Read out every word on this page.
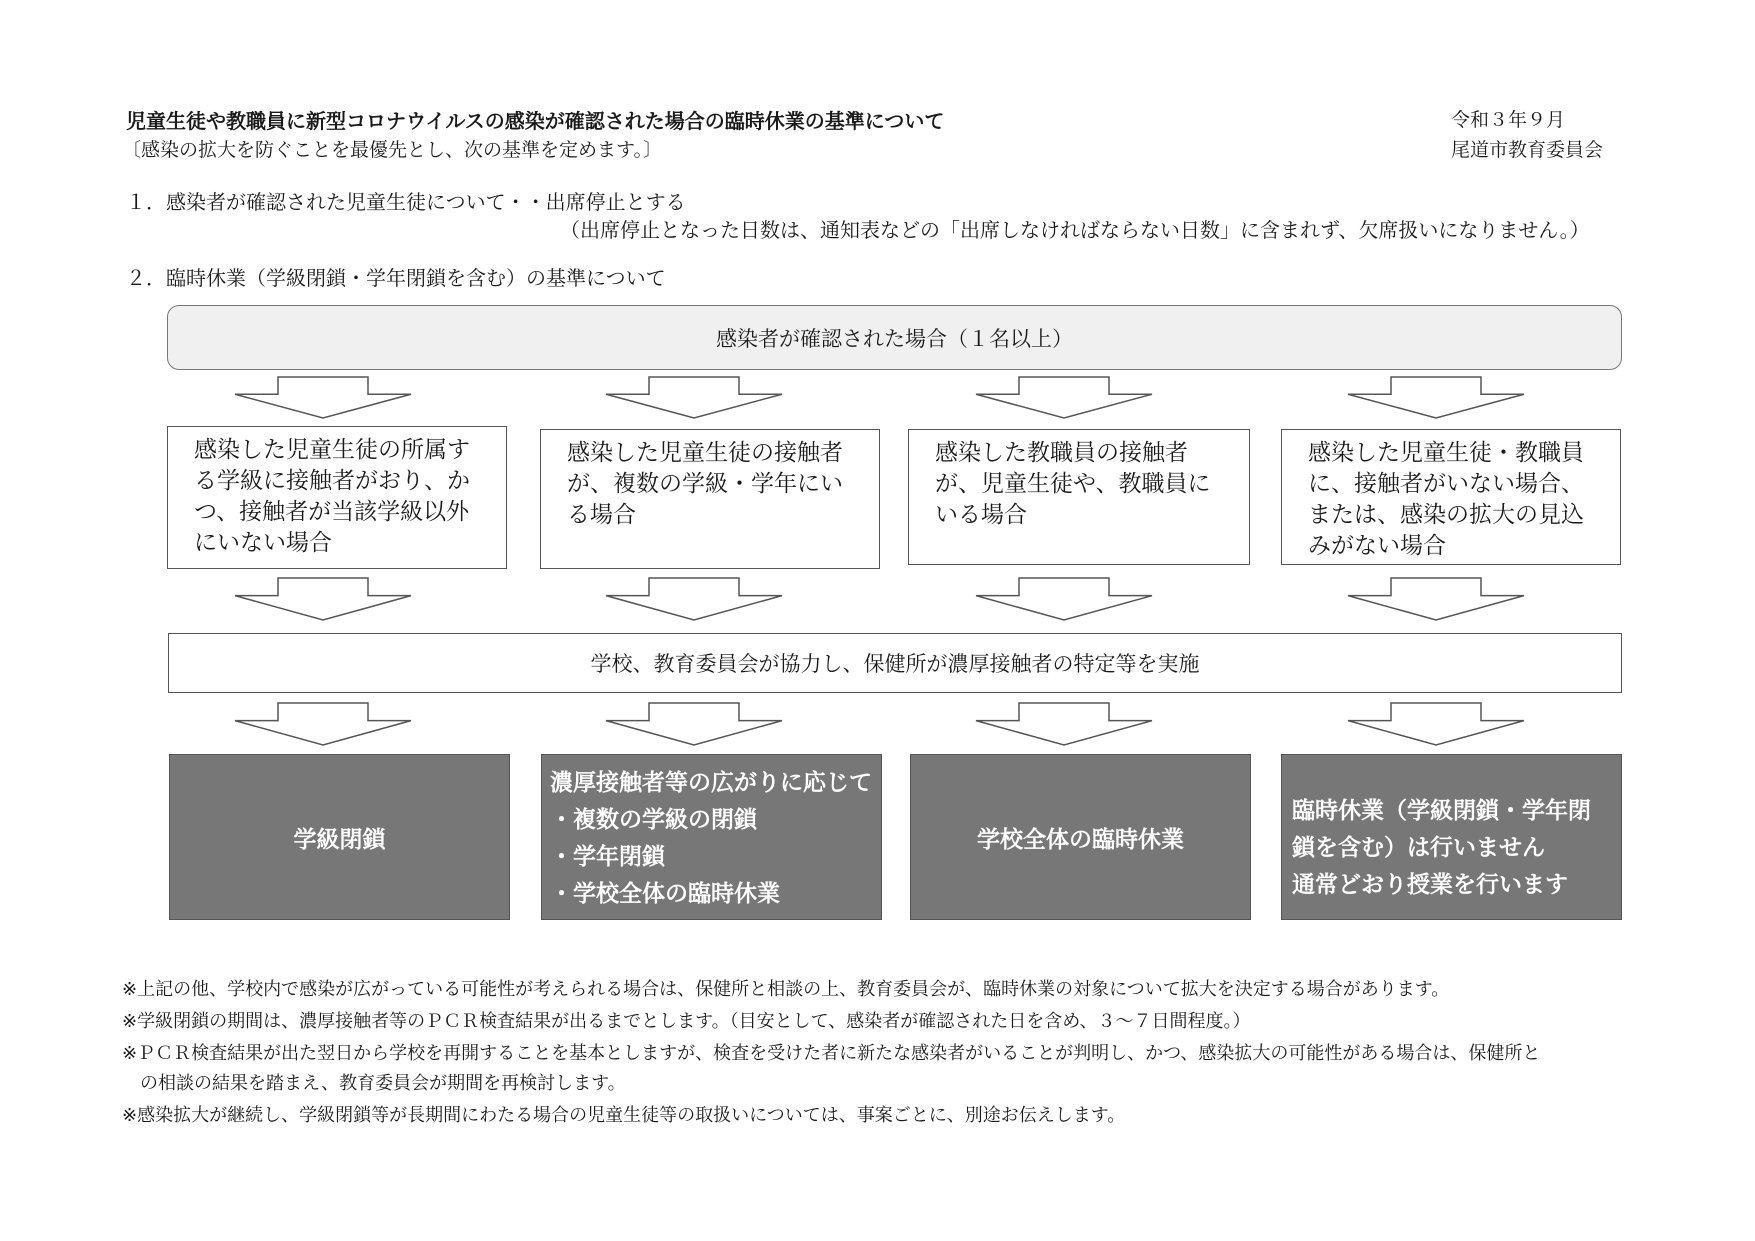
児童生徒や教職員に新型コロナウイルスの感染が確認された場合の臨時休業の基準について
〔感染の拡大を防ぐことを最優先とし、次の基準を定めます。〕
令和３年９月
尾道市教育委員会
１．感染者が確認された児童生徒について・・出席停止とする
（出席停止となった日数は、通知表などの「出席しなければならない日数」に含まれず、欠席扱いになりません。）
２．臨時休業（学級閉鎖・学年閉鎖を含む）の基準について
感染者が確認された場合（１名以上）
感染した児童生徒の所属する学級に接触者がおり、かつ、接触者が当該学級以外にいない場合
感染した児童生徒の接触者が、複数の学級・学年にいる場合
感染した教職員の接触者が、児童生徒や、教職員にいる場合
感染した児童生徒・教職員に、接触者がいない場合、または、感染の拡大の見込みがない場合
学校、教育委員会が協力し、保健所が濃厚接触者の特定等を実施
学級閉鎖
濃厚接触者等の広がりに応じて
・複数の学級の閉鎖
・学年閉鎖
・学校全体の臨時休業
学校全体の臨時休業
臨時休業（学級閉鎖・学年閉
鎖を含む）は行いません
通常どおり授業を行います
※上記の他、学校内で感染が広がっている可能性が考えられる場合は、保健所と相談の上、教育委員会が、臨時休業の対象について拡大を決定する場合があります。
※学級閉鎖の期間は、濃厚接触者等のＰＣＲ検査結果が出るまでとします。（目安として、感染者が確認された日を含め、３～７日間程度。）
※ＰＣＲ検査結果が出た翌日から学校を再開することを基本としますが、検査を受けた者に新たな感染者がいることが判明し、かつ、感染拡大の可能性がある場合は、保健所と
　の相談の結果を踏まえ、教育委員会が期間を再検討します。
※感染拡大が継続し、学級閉鎖等が長期間にわたる場合の児童生徒等の取扱いについては、事案ごとに、別途お伝えします。
